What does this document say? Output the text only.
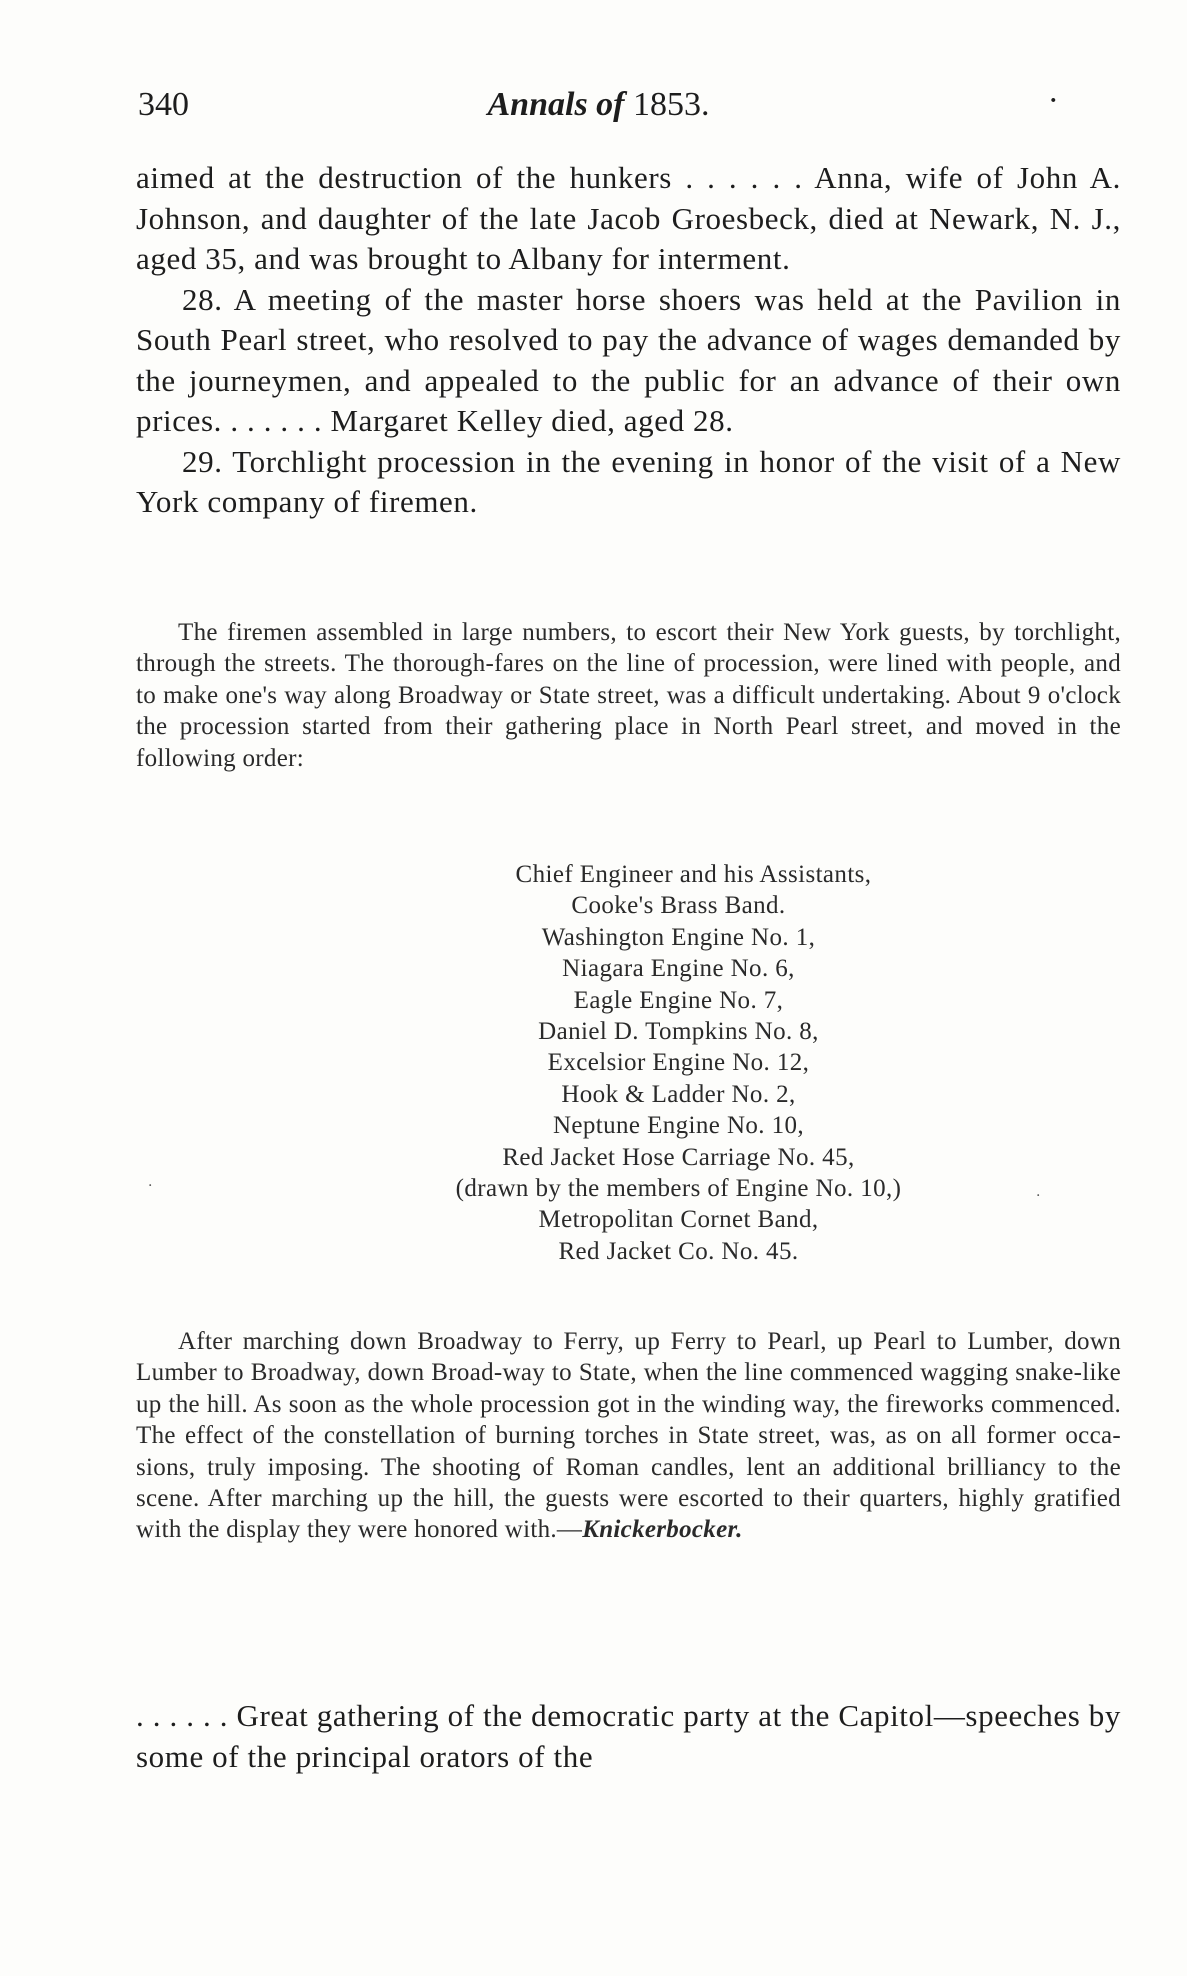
340	Annals of 1853.	·

aimed at the destruction of the hunkers . . . . . . Anna, wife of John A. Johnson, and daughter of the late Jacob Groesbeck, died at Newark, N. J., aged 35, and was brought to Albany for interment.

28. A meeting of the master horse shoers was held at the Pavilion in South Pearl street, who resolved to pay the advance of wages demanded by the journeymen, and appealed to the public for an advance of their own prices. . . . . . . Margaret Kelley died, aged 28.

29. Torchlight procession in the evening in honor of the visit of a New York company of firemen.

The firemen assembled in large numbers, to escort their New York guests, by torchlight, through the streets. The thorough-fares on the line of procession, were lined with people, and to make one's way along Broadway or State street, was a difficult undertaking. About 9 o'clock the procession started from their gathering place in North Pearl street, and moved in the following order:

Chief Engineer and his Assistants,
Cooke's Brass Band.
Washington Engine No. 1,
Niagara Engine No. 6,
Eagle Engine No. 7,
Daniel D. Tompkins No. 8,
Excelsior Engine No. 12,
Hook & Ladder No. 2,
Neptune Engine No. 10,
Red Jacket Hose Carriage No. 45,
(drawn by the members of Engine No. 10,)
Metropolitan Cornet Band,
Red Jacket Co. No. 45.

After marching down Broadway to Ferry, up Ferry to Pearl, up Pearl to Lumber, down Lumber to Broadway, down Broad-way to State, when the line commenced wagging snake-like up the hill. As soon as the whole procession got in the winding way, the fireworks commenced. The effect of the constellation of burning torches in State street, was, as on all former occa-sions, truly imposing. The shooting of Roman candles, lent an additional brilliancy to the scene. After marching up the hill, the guests were escorted to their quarters, highly gratified with the display they were honored with.—Knickerbocker.

. . . . . . Great gathering of the democratic party at the Capitol—speeches by some of the principal orators of the

·
·
